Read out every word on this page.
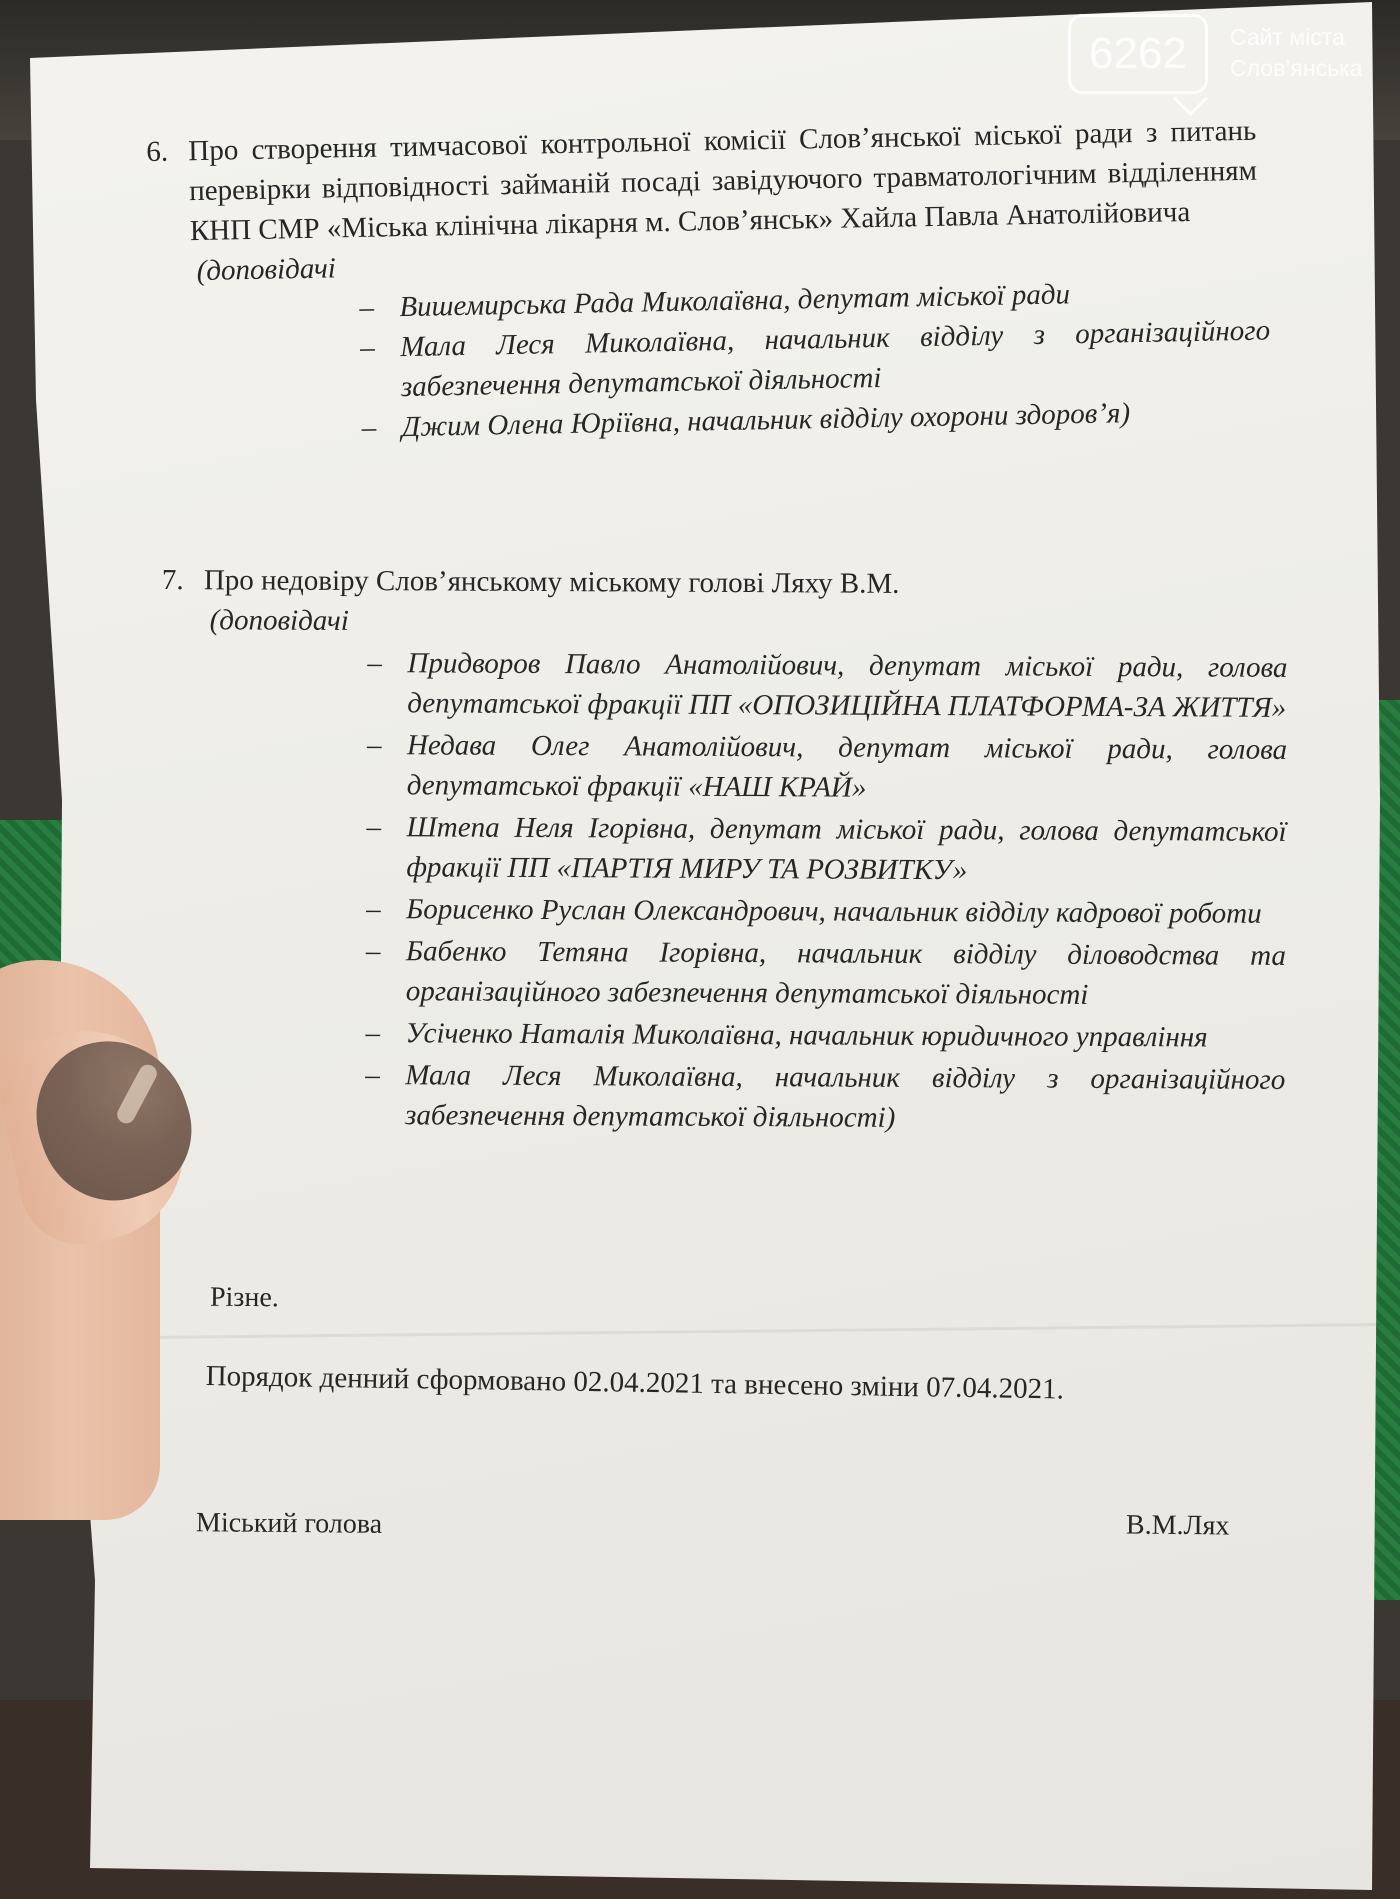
6. Про створення тимчасової контрольної комісії Слов’янської міської ради з питань перевірки відповідності займаній посаді завідуючого травматологічним відділенням КНП СМР «Міська клінічна лікарня м. Слов’янськ» Хайла Павла Анатолійовича
(доповідачі
– Вишемирська Рада Миколаївна, депутат міської ради
– Мала Леся Миколаївна, начальник відділу з організаційного забезпечення депутатської діяльності
– Джим Олена Юріївна, начальник відділу охорони здоров’я)
7. Про недовіру Слов’янському міському голові Ляху В.М.
(доповідачі
– Придворов Павло Анатолійович, депутат міської ради, голова депутатської фракції ПП «ОПОЗИЦІЙНА ПЛАТФОРМА-ЗА ЖИТТЯ»
– Недава Олег Анатолійович, депутат міської ради, голова депутатської фракції «НАШ КРАЙ»
– Штепа Неля Ігорівна, депутат міської ради, голова депутатської фракції ПП «ПАРТІЯ МИРУ ТА РОЗВИТКУ»
– Борисенко Руслан Олександрович, начальник відділу кадрової роботи
– Бабенко Тетяна Ігорівна, начальник відділу діловодства та організаційного забезпечення депутатської діяльності
– Усіченко Наталія Миколаївна, начальник юридичного управління
– Мала Леся Миколаївна, начальник відділу з організаційного забезпечення депутатської діяльності)
Різне.
Порядок денний сформовано 02.04.2021 та внесено зміни 07.04.2021.
Міський голова	В.М.Лях
6262	Сайт міста
Слов’янська
